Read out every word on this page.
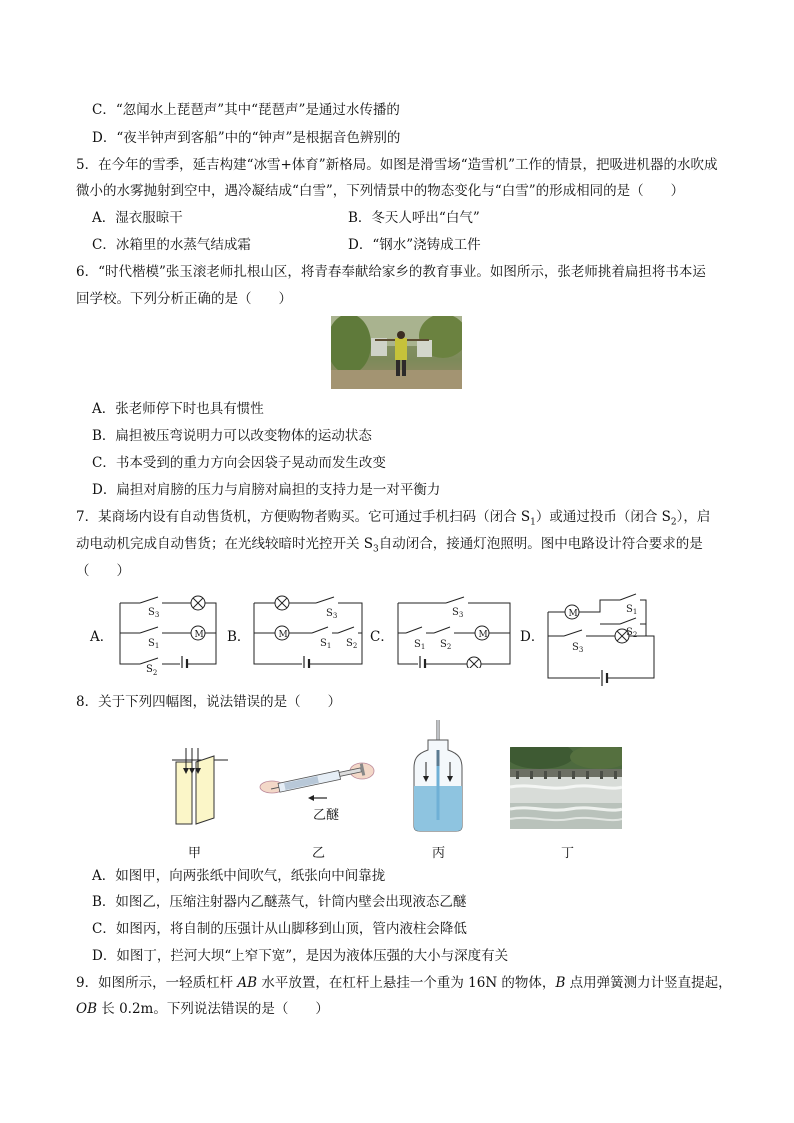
C．“忽闻水上琵琶声”其中“琵琶声”是通过水传播的
D．“夜半钟声到客船”中的“钟声”是根据音色辨别的
5．在今年的雪季，延吉构建“冰雪+体育”新格局。如图是滑雪场“造雪机”工作的情景，把吸进机器的水吹成
微小的水雾抛射到空中，遇冷凝结成“白雪”，下列情景中的物态变化与“白雪”的形成相同的是（　　）
A．湿衣服晾干	B．冬天人呼出“白气”
C．冰箱里的水蒸气结成霜	D．“钢水”浇铸成工件
6．“时代楷模”张玉滚老师扎根山区，将青春奉献给家乡的教育事业。如图所示，张老师挑着扁担将书本运
回学校。下列分析正确的是（　　）
A．张老师停下时也具有惯性
B．扁担被压弯说明力可以改变物体的运动状态
C．书本受到的重力方向会因袋子晃动而发生改变
D．扁担对肩膀的压力与肩膀对扁担的支持力是一对平衡力
7．某商场内设有自动售货机，方便购物者购买。它可通过手机扫码（闭合 $S_1$）或通过投币（闭合 $S_2$），启
动电动机完成自动售货；在光线较暗时光控开关 $S_3$自动闭合，接通灯泡照明。图中电路设计符合要求的是
（　　）
A．	B．	C．	D．
M
$S_3$
$S_1$
$S_2$
M
$S_3$
$S_1$ $S_2$
M
$S_3$
$S_1$ $S_2$
M	$S_1$
$S_2$
$S_3$
8．关于下列四幅图，说法错误的是（　　）
乙醚
甲	乙	丙	丁
A．如图甲，向两张纸中间吹气，纸张向中间靠拢
B．如图乙，压缩注射器内乙醚蒸气，针筒内壁会出现液态乙醚
C．如图丙，将自制的压强计从山脚移到山顶，管内液柱会降低
D．如图丁，拦河大坝“上窄下宽”，是因为液体压强的大小与深度有关
9．如图所示，一轻质杠杆 AB 水平放置，在杠杆上悬挂一个重为 16N 的物体，B 点用弹簧测力计竖直提起，
OB 长 0.2m。下列说法错误的是（　　）
